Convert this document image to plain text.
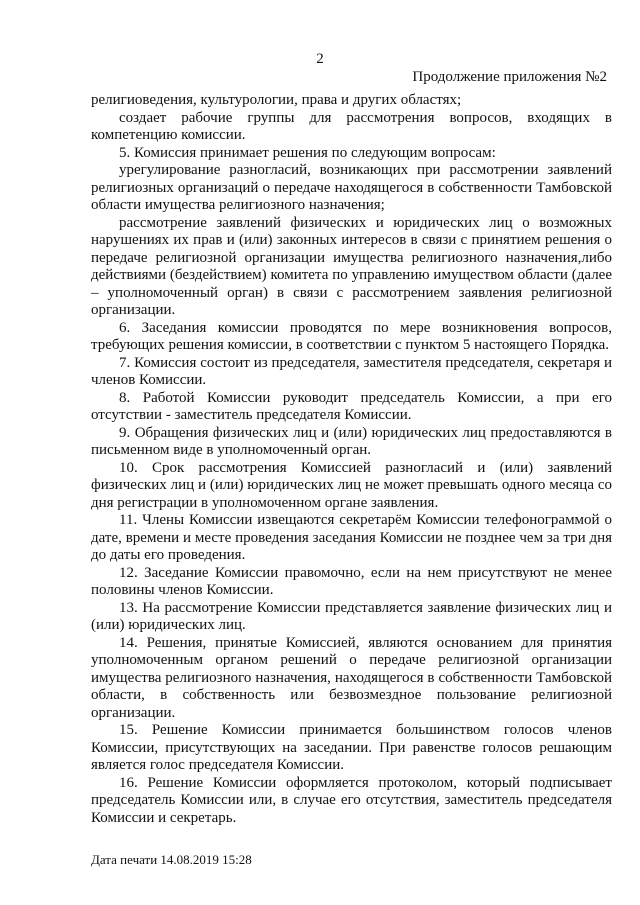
2
Продолжение приложения №2

религиоведения, культурологии, права и других областях;

создает рабочие группы для рассмотрения вопросов, входящих в компетенцию комиссии.

5. Комиссия принимает решения по следующим вопросам:

урегулирование разногласий, возникающих при рассмотрении заявлений религиозных организаций о передаче находящегося в собственности Тамбовской области имущества религиозного назначения;

рассмотрение заявлений физических и юридических лиц о возможных нарушениях их прав и (или) законных интересов в связи с принятием решения о передаче религиозной организации имущества религиозного назначения,либо действиями (бездействием) комитета по управлению имуществом области (далее – уполномоченный орган) в связи с рассмотрением заявления религиозной организации.

6. Заседания комиссии проводятся по мере возникновения вопросов, требующих решения комиссии, в соответствии с пунктом 5 настоящего Порядка.

7. Комиссия состоит из председателя, заместителя председателя, секретаря и членов Комиссии.

8. Работой Комиссии руководит председатель Комиссии, а при его отсутствии - заместитель председателя Комиссии.

9. Обращения физических лиц и (или) юридических лиц предоставляются в письменном виде в уполномоченный орган.

10. Срок рассмотрения Комиссией разногласий и (или) заявлений физических лиц и (или) юридических лиц не может превышать одного месяца со дня регистрации в уполномоченном органе заявления.

11. Члены Комиссии извещаются секретарём Комиссии телефонограммой о дате, времени и месте проведения заседания Комиссии не позднее чем за три дня до даты его проведения.

12. Заседание Комиссии правомочно, если на нем присутствуют не менее половины членов Комиссии.

13. На рассмотрение Комиссии представляется заявление физических лиц и (или) юридических лиц.

14. Решения, принятые Комиссией, являются основанием для принятия уполномоченным органом решений о передаче религиозной организации имущества религиозного назначения, находящегося в собственности Тамбовской области, в собственность или безвозмездное пользование религиозной организации.

15. Решение Комиссии принимается большинством голосов членов Комиссии, присутствующих на заседании. При равенстве голосов решающим является голос председателя Комиссии.

16. Решение Комиссии оформляется протоколом, который подписывает председатель Комиссии или, в случае его отсутствия, заместитель председателя Комиссии и секретарь.

Дата печати 14.08.2019 15:28
